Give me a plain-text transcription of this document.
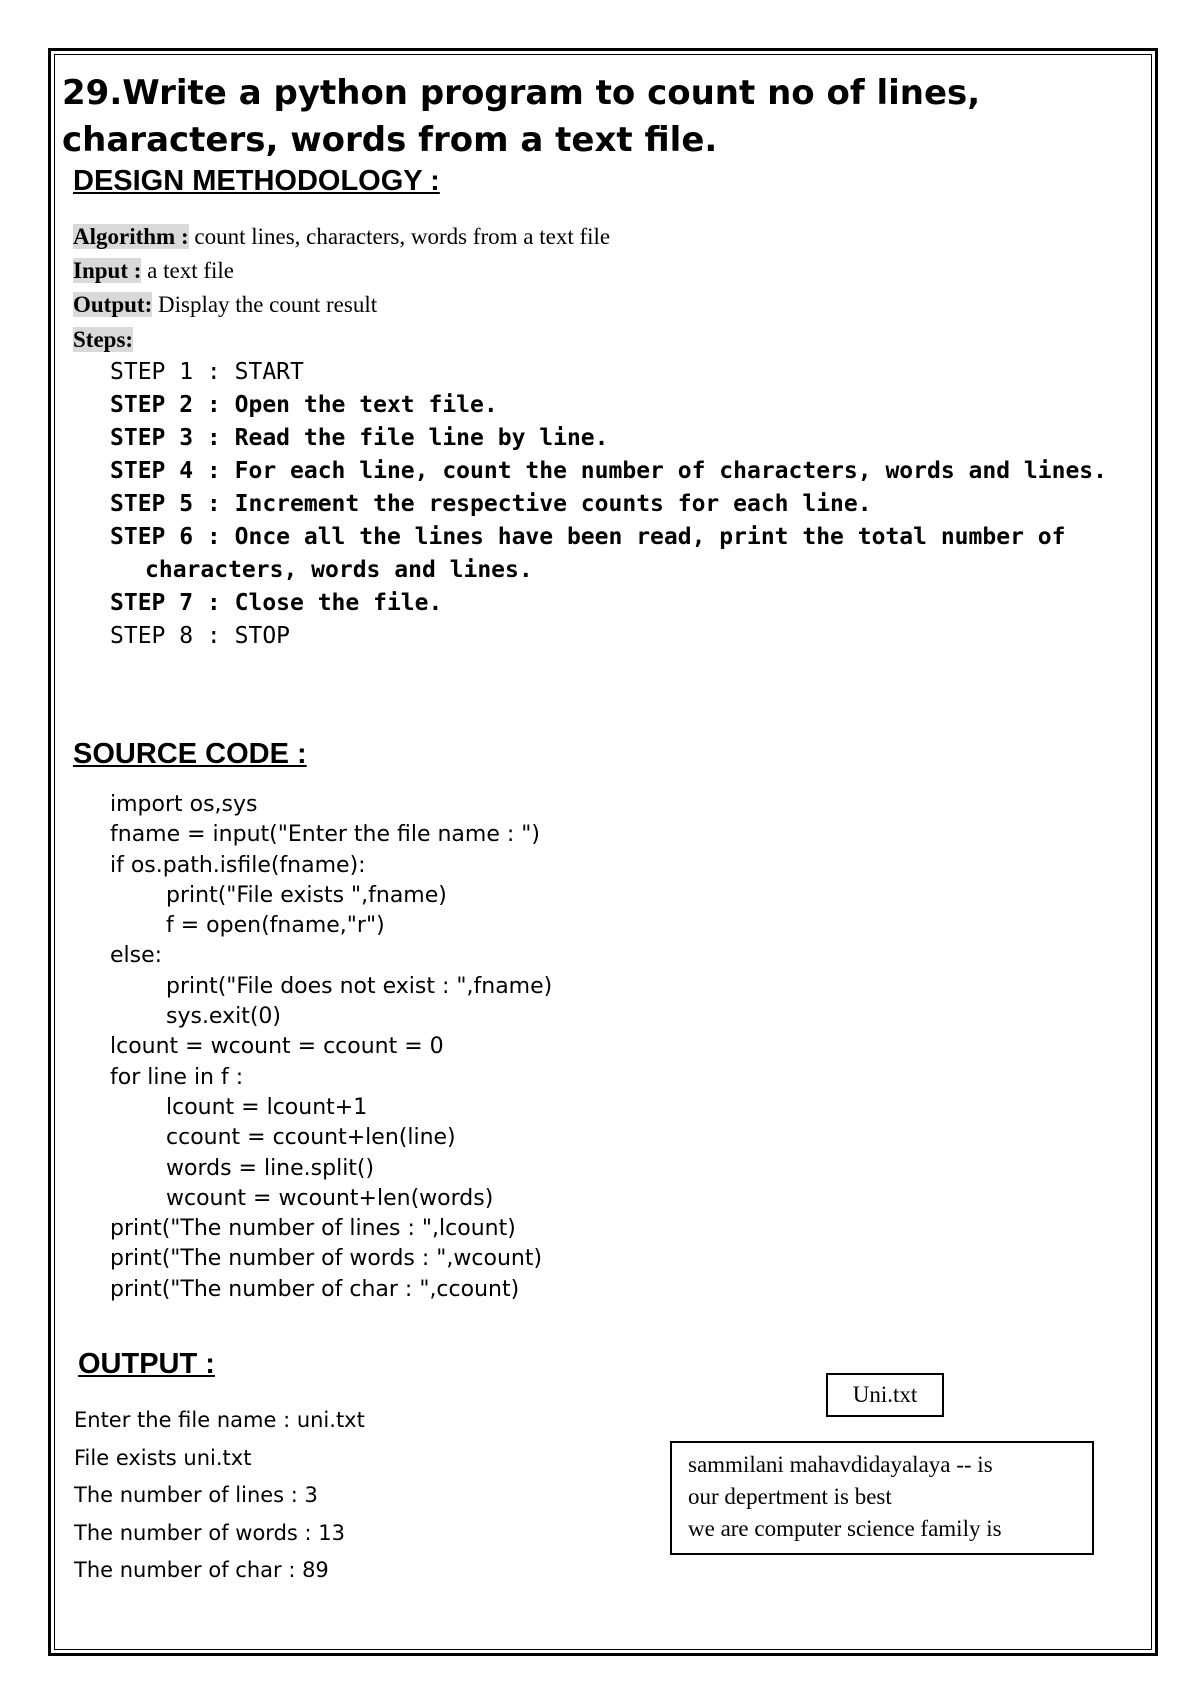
29.Write a python program to count no of lines, characters, words from a text file.
DESIGN METHODOLOGY :
Algorithm : count lines, characters, words from a text file
Input : a text file
Output: Display the count result
Steps:
STEP 1 : START
STEP 2 : Open the text file.
STEP 3 : Read the file line by line.
STEP 4 : For each line, count the number of characters, words and lines.
STEP 5 : Increment the respective counts for each line.
STEP 6 : Once all the lines have been read, print the total number of characters, words and lines.
STEP 7 : Close the file.
STEP 8 : STOP
SOURCE CODE :
import os,sys
fname = input("Enter the file name : ")
if os.path.isfile(fname):
print("File exists ",fname)
f = open(fname,"r")
else:
print("File does not exist : ",fname)
sys.exit(0)
lcount = wcount = ccount = 0
for line in f :
lcount = lcount+1
ccount = ccount+len(line)
words = line.split()
wcount = wcount+len(words)
print("The number of lines : ",lcount)
print("The number of words : ",wcount)
print("The number of char : ",ccount)
OUTPUT :
Enter the file name : uni.txt
File exists uni.txt
The number of lines : 3
The number of words : 13
The number of char : 89
Uni.txt
sammilani mahavdidayalaya -- is
our depertment is best
we are computer science family is
